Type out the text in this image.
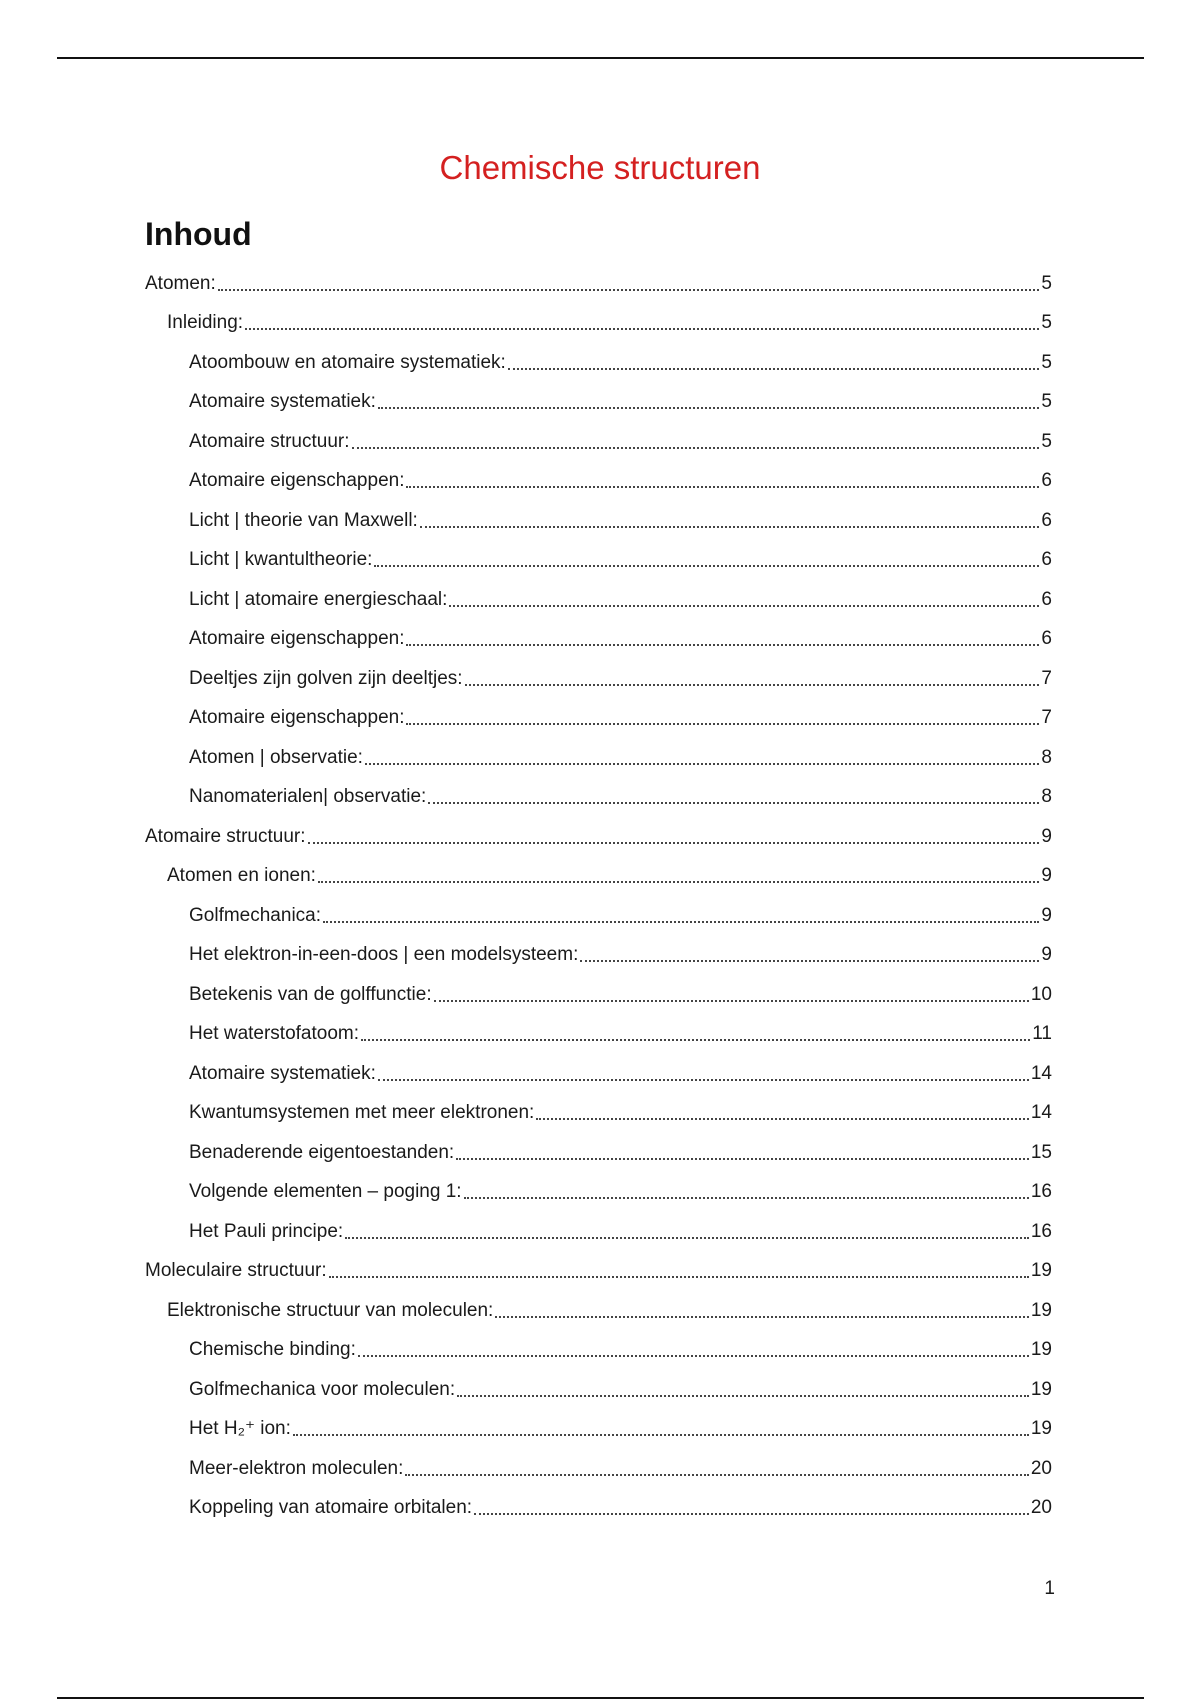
Chemische structuren
Inhoud
Atomen:	5
Inleiding:	5
Atoombouw en atomaire systematiek:	5
Atomaire systematiek:	5
Atomaire structuur:	5
Atomaire eigenschappen:	6
Licht | theorie van Maxwell:	6
Licht | kwantultheorie:	6
Licht | atomaire energieschaal:	6
Atomaire eigenschappen:	6
Deeltjes zijn golven zijn deeltjes:	7
Atomaire eigenschappen:	7
Atomen | observatie:	8
Nanomaterialen| observatie:	8
Atomaire structuur:	9
Atomen en ionen:	9
Golfmechanica:	9
Het elektron-in-een-doos | een modelsysteem:	9
Betekenis van de golffunctie:	10
Het waterstofatoom:	11
Atomaire systematiek:	14
Kwantumsystemen met meer elektronen:	14
Benaderende eigentoestanden:	15
Volgende elementen – poging 1:	16
Het Pauli principe:	16
Moleculaire structuur:	19
Elektronische structuur van moleculen:	19
Chemische binding:	19
Golfmechanica voor moleculen:	19
Het H₂⁺ ion:	19
Meer-elektron moleculen:	20
Koppeling van atomaire orbitalen:	20
1
